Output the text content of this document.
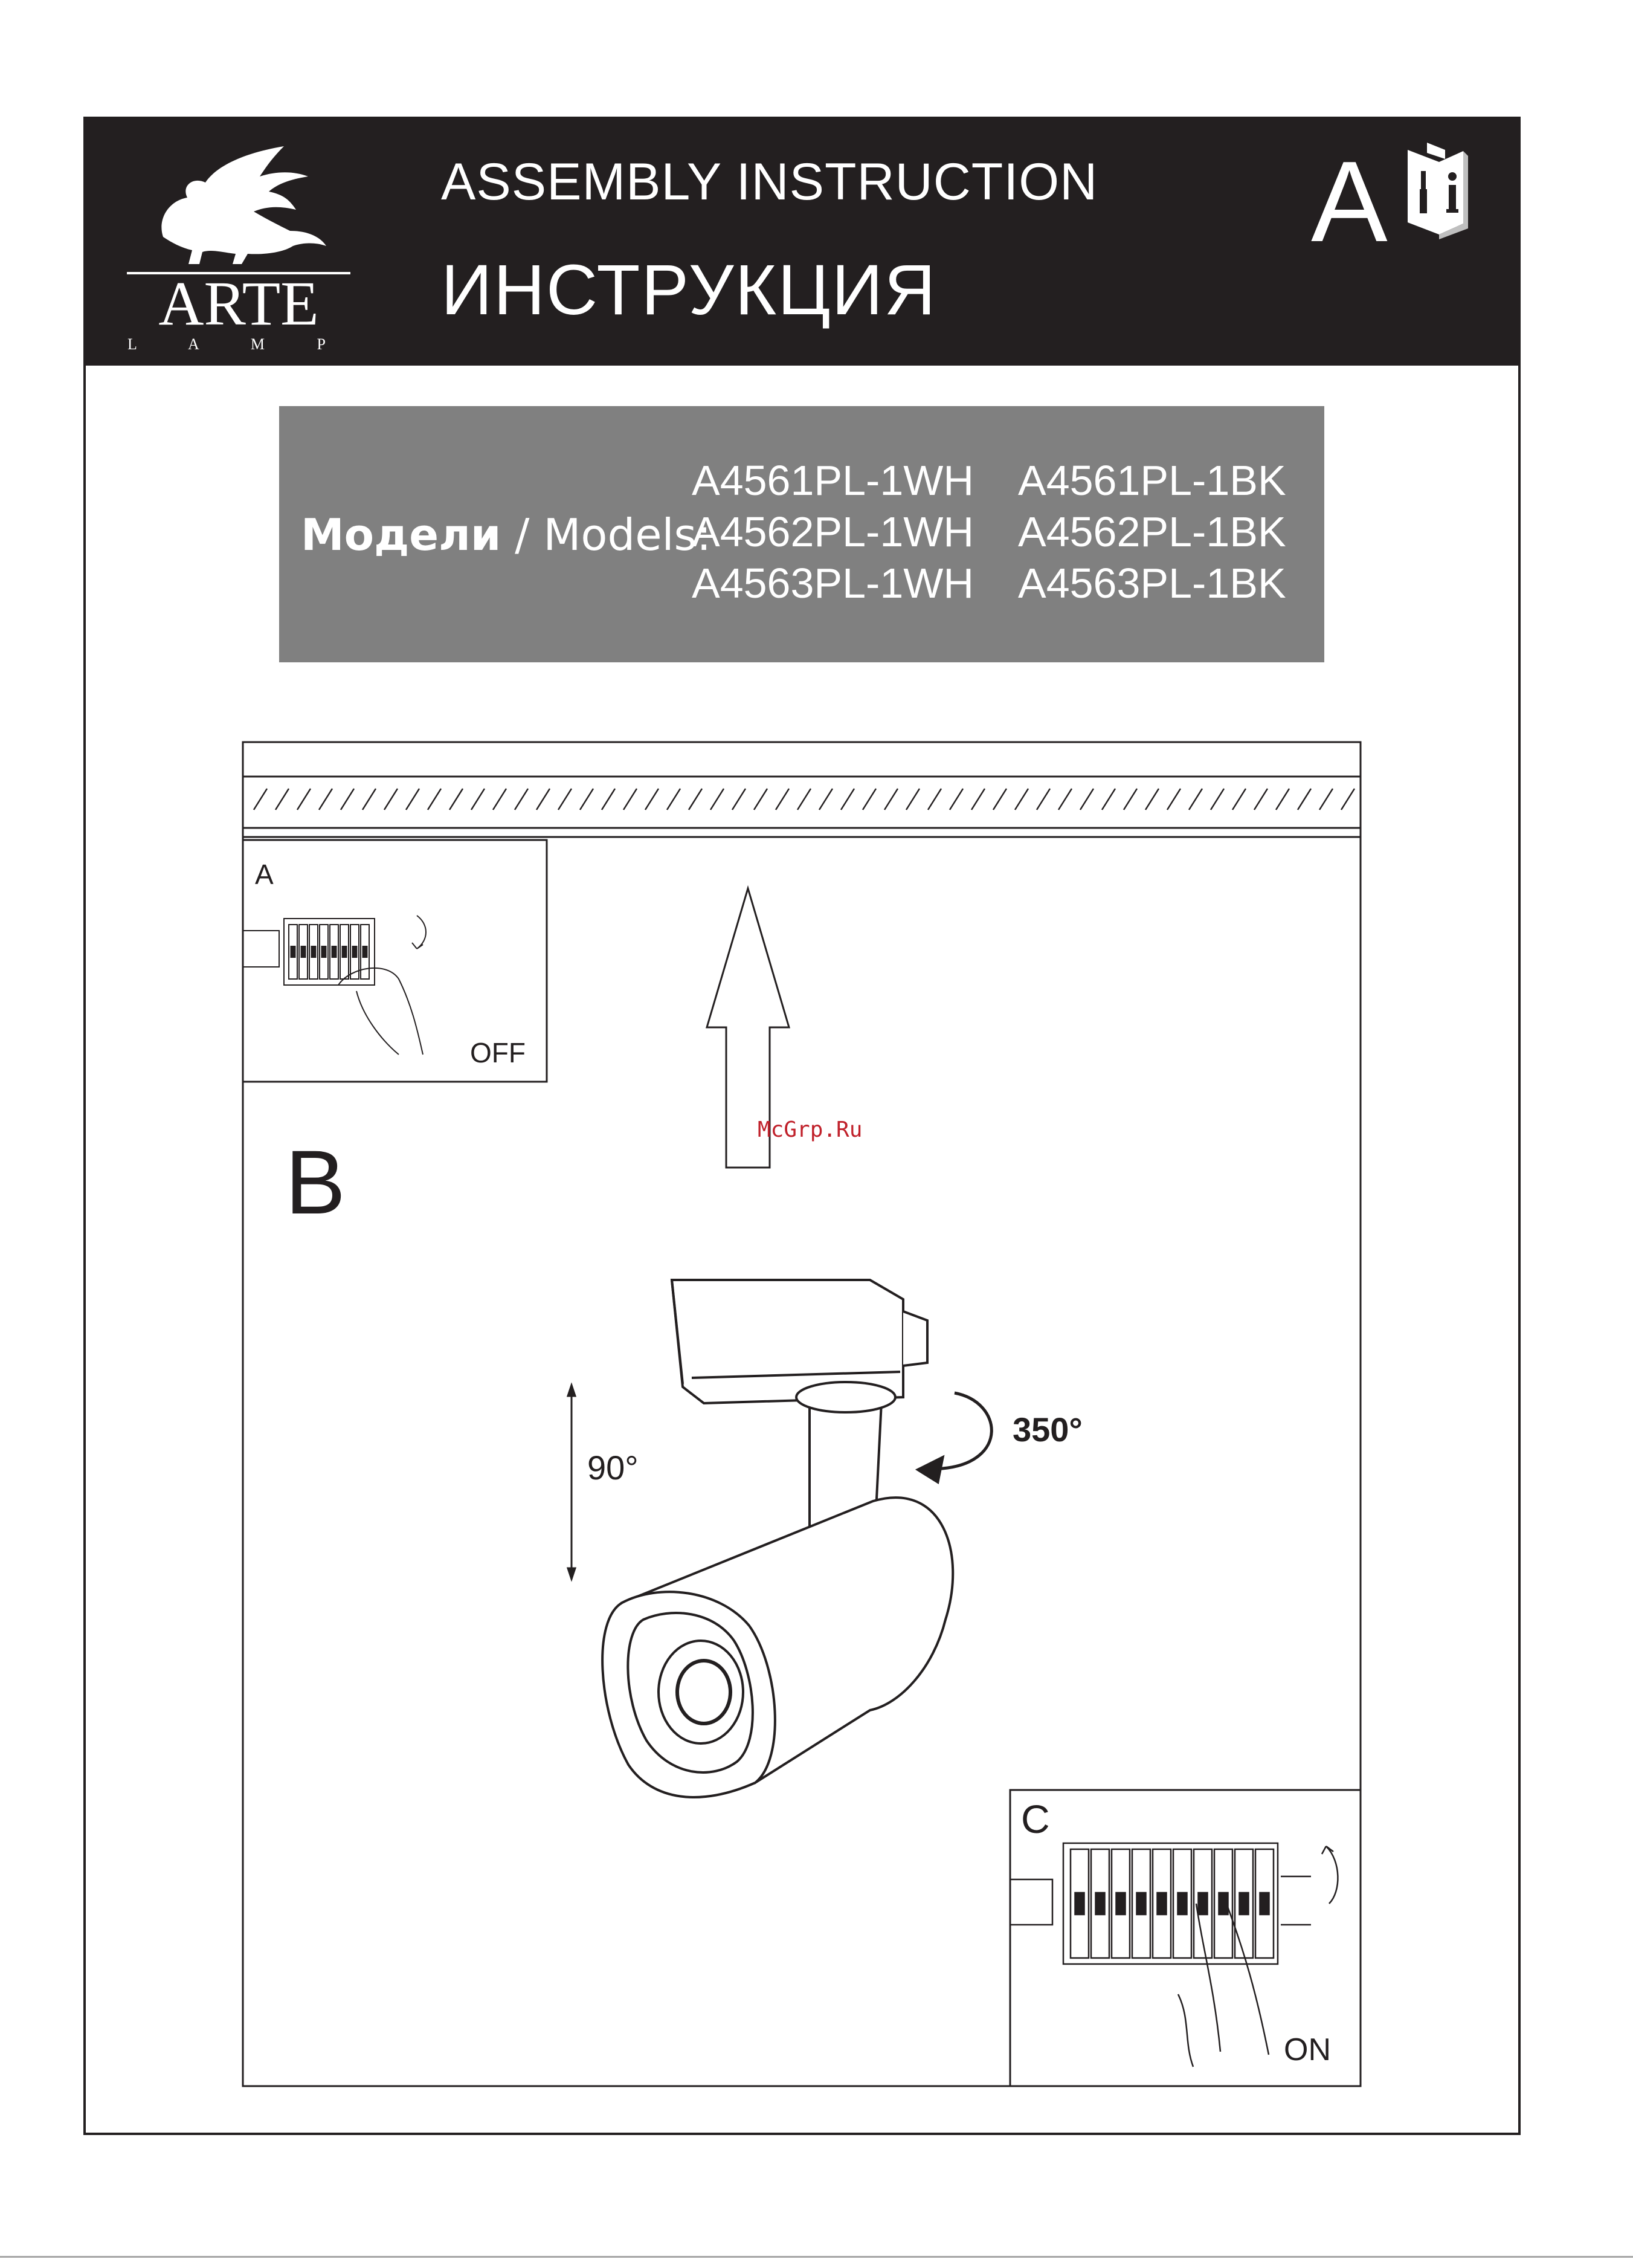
ARTE
L A M P
ASSEMBLY INSTRUCTION
ИНСТРУКЦИЯ
A
Модели / Models:
A4561PL-1WH A4561PL-1BK
A4562PL-1WH A4562PL-1BK
A4563PL-1WH A4563PL-1BK
A
OFF
B
90°
350°
C
ON
McGrp.Ru
